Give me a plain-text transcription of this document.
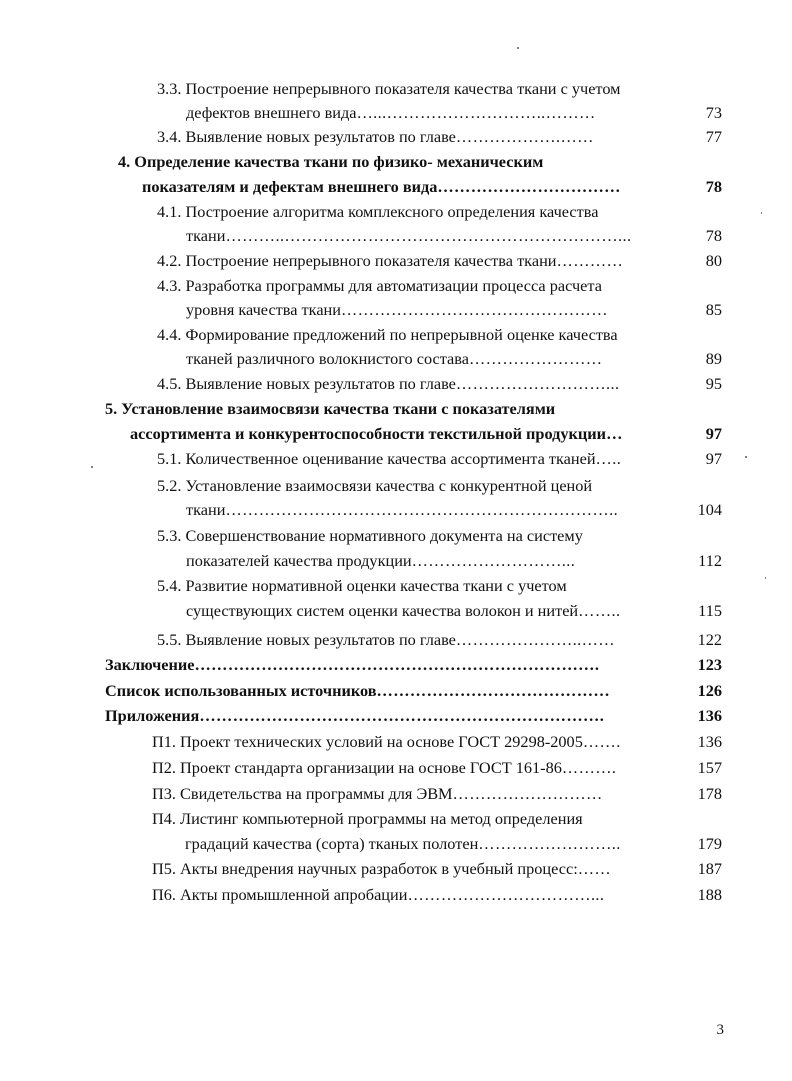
3.3. Построение непрерывного показателя качества ткани с учетом
дефектов внешнего вида…...………………………..………	73
3.4. Выявление новых результатов по главе……………….……	77
4. Определение качества ткани по физико- механическим
показателям и дефектам внешнего вида……………………………	78
4.1. Построение алгоритма комплексного определения качества
ткани………..……………………………………………………...	78
4.2. Построение непрерывного показателя качества ткани…………	80
4.3. Разработка программы для автоматизации процесса расчета
уровня качества ткани…………………………………………	85
4.4. Формирование предложений по непрерывной оценке качества
тканей различного волокнистого состава……………………	89
4.5. Выявление новых результатов по главе………………………...	95
5. Установление взаимосвязи качества ткани с показателями
ассортимента и конкурентоспособности текстильной продукции…	97
5.1. Количественное оценивание качества ассортимента тканей…..	97
5.2. Установление взаимосвязи качества с конкурентной ценой
ткани……………………………………………………………..	104
5.3. Совершенствование нормативного документа на систему
показателей качества продукции………………………...	112
5.4. Развитие нормативной оценки качества ткани с учетом
существующих систем оценки качества волокон и нитей……..	115
5.5. Выявление новых результатов по главе…………………..……	122
Заключение……………………………………………………………….	123
Список использованных источников……………………………………	126
Приложения……………………………………………………………….	136
П1. Проект технических условий на основе ГОСТ 29298-2005…….	136
П2. Проект стандарта организации на основе ГОСТ 161-86……….	157
П3. Свидетельства на программы для ЭВМ………………………	178
П4. Листинг компьютерной программы на метод определения
градаций качества (сорта) тканых полотен……………………..	179
П5. Акты внедрения научных разработок в учебный процесс:……	187
П6. Акты промышленной апробации……………………………...	188
3
